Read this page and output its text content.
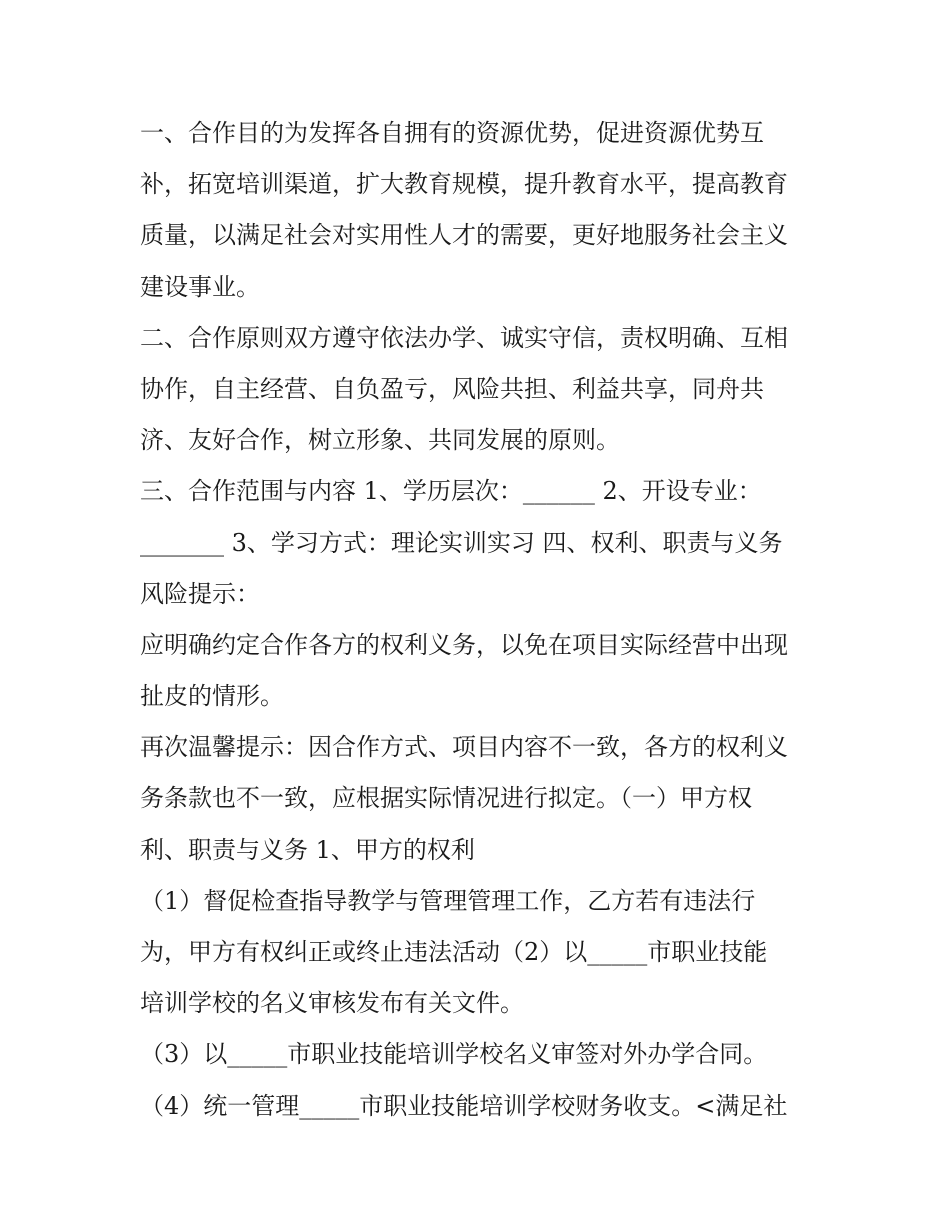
一、合作目的为发挥各自拥有的资源优势，促进资源优势互
补，拓宽培训渠道，扩大教育规模，提升教育水平，提高教育
质量，以满足社会对实用性人才的需要，更好地服务社会主义
建设事业。
二、合作原则双方遵守依法办学、诚实守信，责权明确、互相
协作，自主经营、自负盈亏，风险共担、利益共享，同舟共
济、友好合作，树立形象、共同发展的原则。
三、合作范围与内容 1、学历层次：______ 2、开设专业：
_______ 3、学习方式：理论实训实习 四、权利、职责与义务
风险提示：
应明确约定合作各方的权利义务，以免在项目实际经营中出现
扯皮的情形。
再次温馨提示：因合作方式、项目内容不一致，各方的权利义
务条款也不一致，应根据实际情况进行拟定。（一）甲方权
利、职责与义务 1、甲方的权利
（1）督促检查指导教学与管理管理工作，乙方若有违法行
为，甲方有权纠正或终止违法活动（2）以_____市职业技能
培训学校的名义审核发布有关文件。
（3）以_____市职业技能培训学校名义审签对外办学合同。
（4）统一管理_____市职业技能培训学校财务收支。<满足社
